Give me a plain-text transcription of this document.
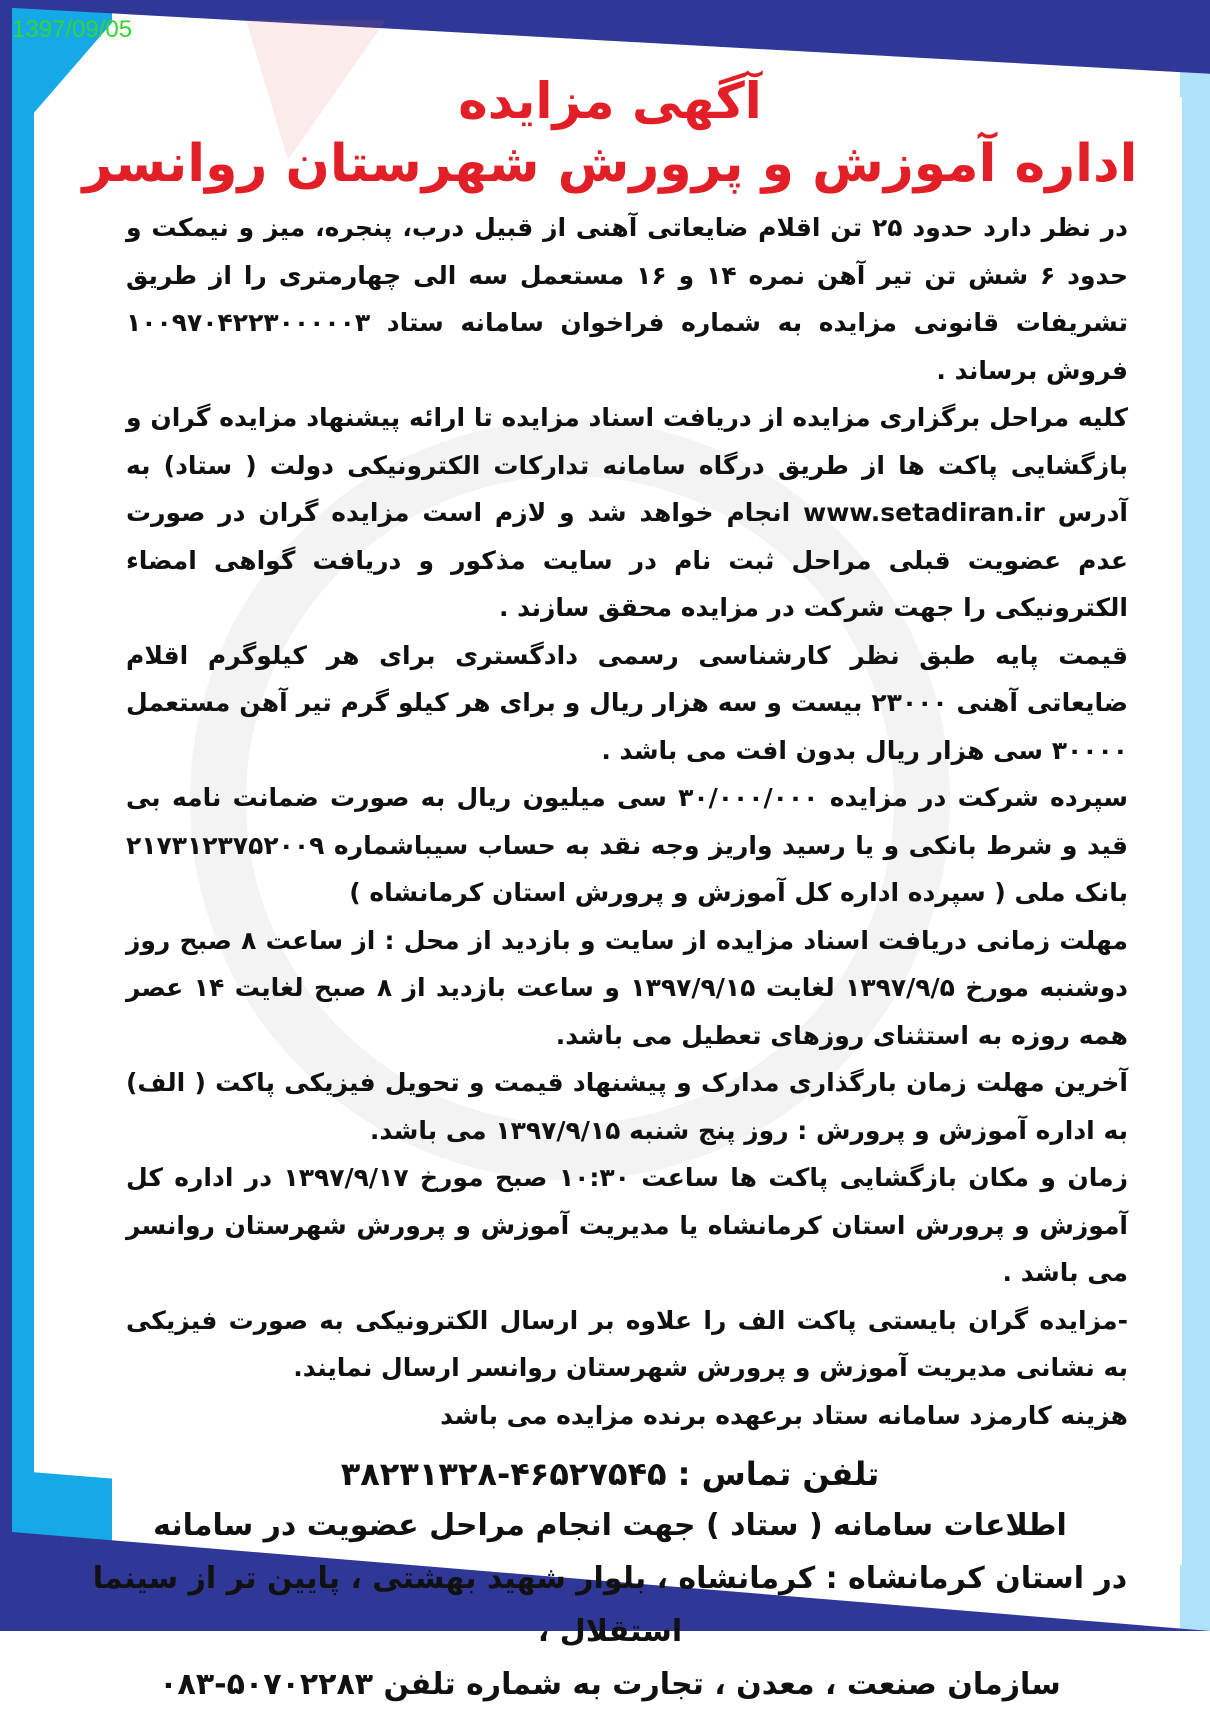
1397/09/05

آگهی مزایده

اداره آموزش و پرورش شهرستان روانسر

در نظر دارد حدود ۲۵ تن اقلام ضایعاتی آهنی از قبیل درب، پنجره، میز و نیمکت و حدود ۶ شش تن تیر آهن نمره ۱۴ و ۱۶ مستعمل سه الی چهارمتری را از طریق تشریفات قانونی مزایده به شماره فراخوان سامانه ستاد ۱۰۰۹۷۰۴۲۲۳۰۰۰۰۰۳ فروش برساند .

کلیه مراحل برگزاری مزایده از دریافت اسناد مزایده تا ارائه پیشنهاد مزایده گران و بازگشایی پاکت ها از طریق درگاه سامانه تدارکات الکترونیکی دولت ( ستاد) به آدرس www.setadiran.ir انجام خواهد شد و لازم است مزایده گران در صورت عدم عضویت قبلی مراحل ثبت نام در سایت مذکور و دریافت گواهی امضاء الکترونیکی را جهت شرکت در مزایده محقق سازند .

قیمت پایه طبق نظر کارشناسی رسمی دادگستری برای هر کیلوگرم اقلام ضایعاتی آهنی ۲۳۰۰۰ بیست و سه هزار ریال و برای هر کیلو گرم تیر آهن مستعمل ۳۰۰۰۰ سی هزار ریال بدون افت می باشد .

سپرده شرکت در مزایده ۳۰/۰۰۰/۰۰۰ سی میلیون ریال به صورت ضمانت نامه بی قید و شرط بانکی و یا رسید واریز وجه نقد به حساب سیباشماره ۲۱۷۳۱۲۳۷۵۲۰۰۹ بانک ملی ( سپرده اداره کل آموزش و پرورش استان کرمانشاه )

مهلت زمانی دریافت اسناد مزایده از سایت و بازدید از محل : از ساعت ۸ صبح روز دوشنبه مورخ ۱۳۹۷/۹/۵ لغایت ۱۳۹۷/۹/۱۵ و ساعت بازدید از ۸ صبح لغایت ۱۴ عصر همه روزه به استثنای روزهای تعطیل می باشد.

آخرین مهلت زمان بارگذاری مدارک و پیشنهاد قیمت و تحویل فیزیکی پاکت ( الف) به اداره آموزش و پرورش : روز پنج شنبه ۱۳۹۷/۹/۱۵ می باشد.

زمان و مکان بازگشایی پاکت ها ساعت ۱۰:۳۰ صبح مورخ ۱۳۹۷/۹/۱۷ در اداره کل آموزش و پرورش استان کرمانشاه یا مدیریت آموزش و پرورش شهرستان روانسر می باشد .

-مزایده گران بایستی پاکت الف را علاوه بر ارسال الکترونیکی به صورت فیزیکی به نشانی مدیریت آموزش و پرورش شهرستان روانسر ارسال نمایند.

هزینه کارمزد سامانه ستاد برعهده برنده مزایده می باشد

تلفن تماس : ۴۶۵۲۷۵۴۵-۳۸۲۳۱۳۲۸

اطلاعات سامانه ( ستاد ) جهت انجام مراحل عضویت در سامانه

در استان کرمانشاه : کرمانشاه ، بلوار شهید بهشتی ، پایین تر از سینما استقلال ،

سازمان صنعت ، معدن ، تجارت به شماره تلفن ۵۰۷۰۲۲۸۳-۰۸۳
